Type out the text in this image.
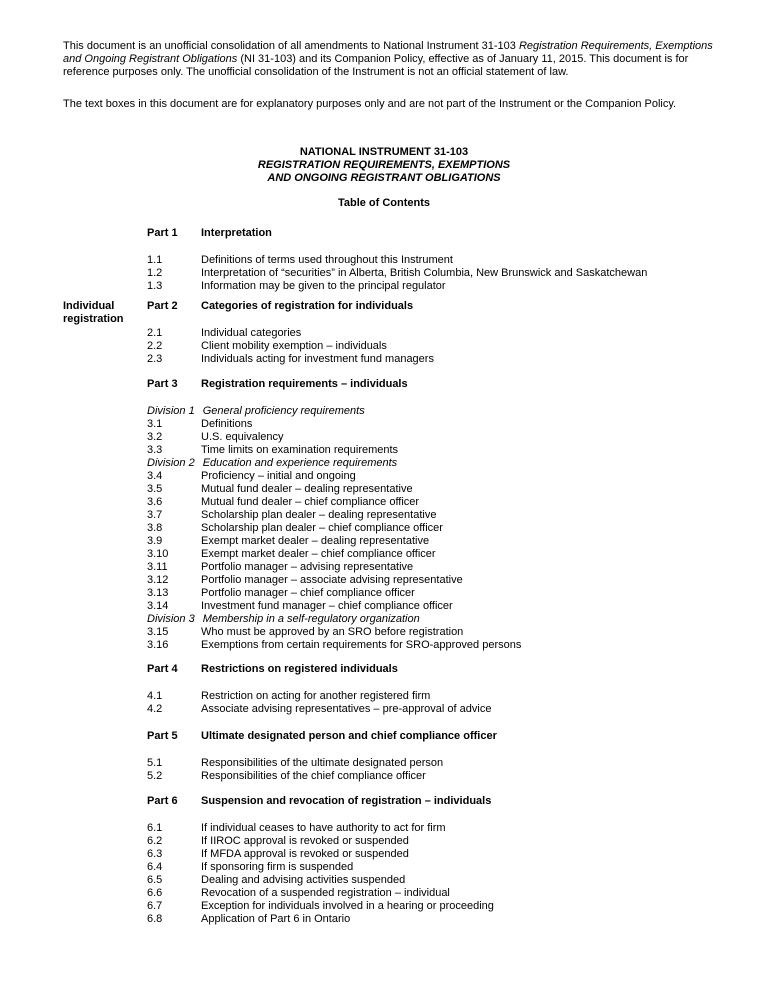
This document is an unofficial consolidation of all amendments to National Instrument 31-103 Registration Requirements, Exemptions and Ongoing Registrant Obligations (NI 31-103) and its Companion Policy, effective as of January 11, 2015. This document is for reference purposes only. The unofficial consolidation of the Instrument is not an official statement of law.

The text boxes in this document are for explanatory purposes only and are not part of the Instrument or the Companion Policy.

NATIONAL INSTRUMENT 31-103
REGISTRATION REQUIREMENTS, EXEMPTIONS
AND ONGOING REGISTRANT OBLIGATIONS
Table of Contents
Individual registration
Part 1 Interpretation
1.1	Definitions of terms used throughout this Instrument
1.2	Interpretation of “securities” in Alberta, British Columbia, New Brunswick and Saskatchewan
1.3	Information may be given to the principal regulator
Part 2 Categories of registration for individuals
2.1	Individual categories
2.2	Client mobility exemption – individuals
2.3	Individuals acting for investment fund managers
Part 3 Registration requirements – individuals
Division 1 General proficiency requirements
3.1	Definitions
3.2	U.S. equivalency
3.3	Time limits on examination requirements
Division 2 Education and experience requirements
3.4	Proficiency – initial and ongoing
3.5	Mutual fund dealer – dealing representative
3.6	Mutual fund dealer – chief compliance officer
3.7	Scholarship plan dealer – dealing representative
3.8	Scholarship plan dealer – chief compliance officer
3.9	Exempt market dealer – dealing representative
3.10	Exempt market dealer – chief compliance officer
3.11	Portfolio manager – advising representative
3.12	Portfolio manager – associate advising representative
3.13	Portfolio manager – chief compliance officer
3.14	Investment fund manager – chief compliance officer
Division 3 Membership in a self-regulatory organization
3.15	Who must be approved by an SRO before registration
3.16	Exemptions from certain requirements for SRO-approved persons
Part 4 Restrictions on registered individuals
4.1	Restriction on acting for another registered firm
4.2	Associate advising representatives – pre-approval of advice
Part 5 Ultimate designated person and chief compliance officer
5.1	Responsibilities of the ultimate designated person
5.2	Responsibilities of the chief compliance officer
Part 6 Suspension and revocation of registration – individuals
6.1	If individual ceases to have authority to act for firm
6.2	If IIROC approval is revoked or suspended
6.3	If MFDA approval is revoked or suspended
6.4	If sponsoring firm is suspended
6.5	Dealing and advising activities suspended
6.6	Revocation of a suspended registration – individual
6.7	Exception for individuals involved in a hearing or proceeding
6.8	Application of Part 6 in Ontario
